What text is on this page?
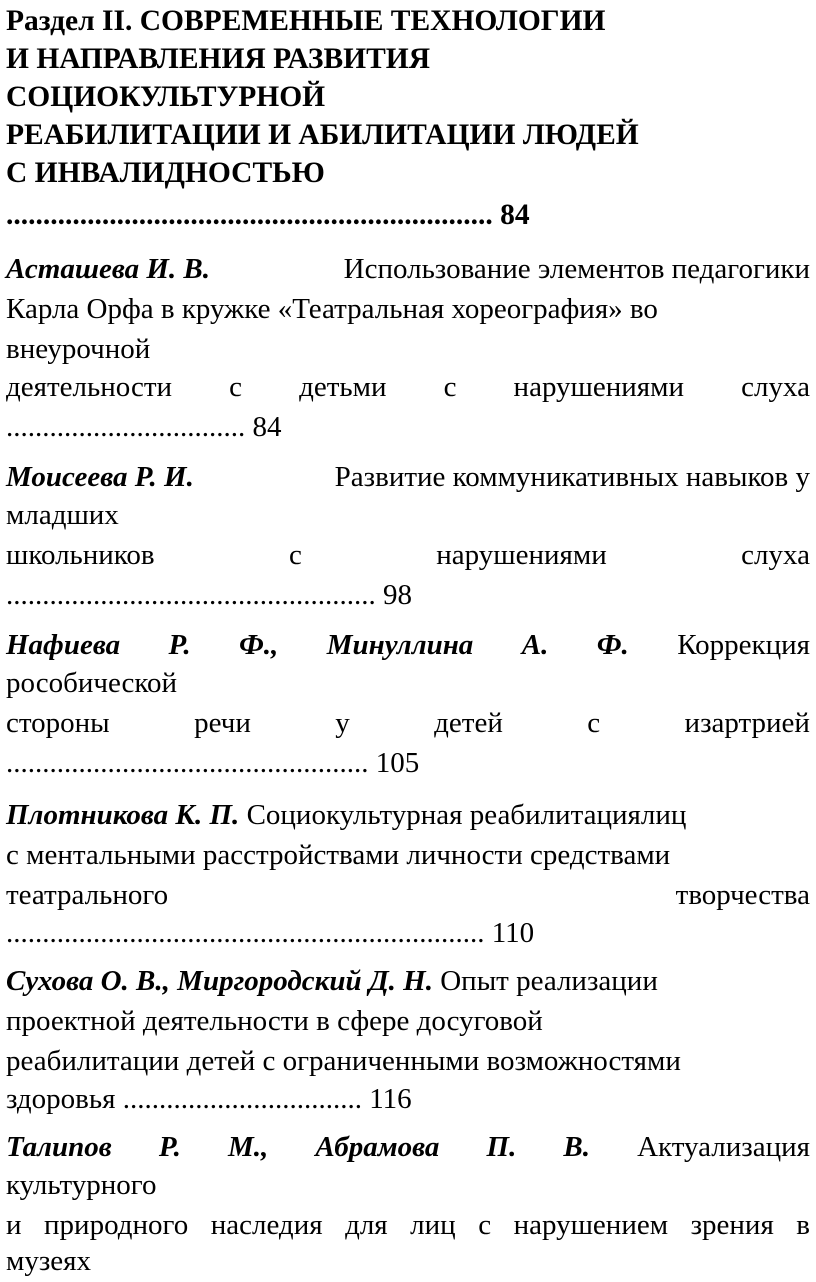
Раздел II. СОВРЕМЕННЫЕ ТЕХНОЛОГИИ
И НАПРАВЛЕНИЯ РАЗВИТИЯ
СОЦИОКУЛЬТУРНОЙ
РЕАБИЛИТАЦИИ И АБИЛИТАЦИИ ЛЮДЕЙ
С ИНВАЛИДНОСТЬЮ
.................................................................. 84
Асташева И. В.	Использование элементов педагогики
Карла Орфа в кружке «Театральная хореография» во
внеурочной
деятельности с детьми с нарушениями слуха
................................. 84
Моисеева Р. И.	Развитие коммуникативных навыков у
младших
школьников	с	нарушениями	слуха
................................................... 98
Нафиева Р. Ф., Минуллина А. Ф. Коррекция
рособической
стороны	речи	у	детей	с	изартрией
.................................................. 105
Плотникова К. П. Социокультурная реабилитациялиц
с ментальными расстройствами личности средствами
театрального	творчества
.................................................................. 110
Сухова О. В., Миргородский Д. Н. Опыт реализации
проектной деятельности в сфере досуговой
реабилитации детей с ограниченными возможностями
здоровья ................................. 116
Талипов Р. М., Абрамова П. В. Актуализация
культурного
и природного наследия для лиц с нарушением зрения в
музеях
